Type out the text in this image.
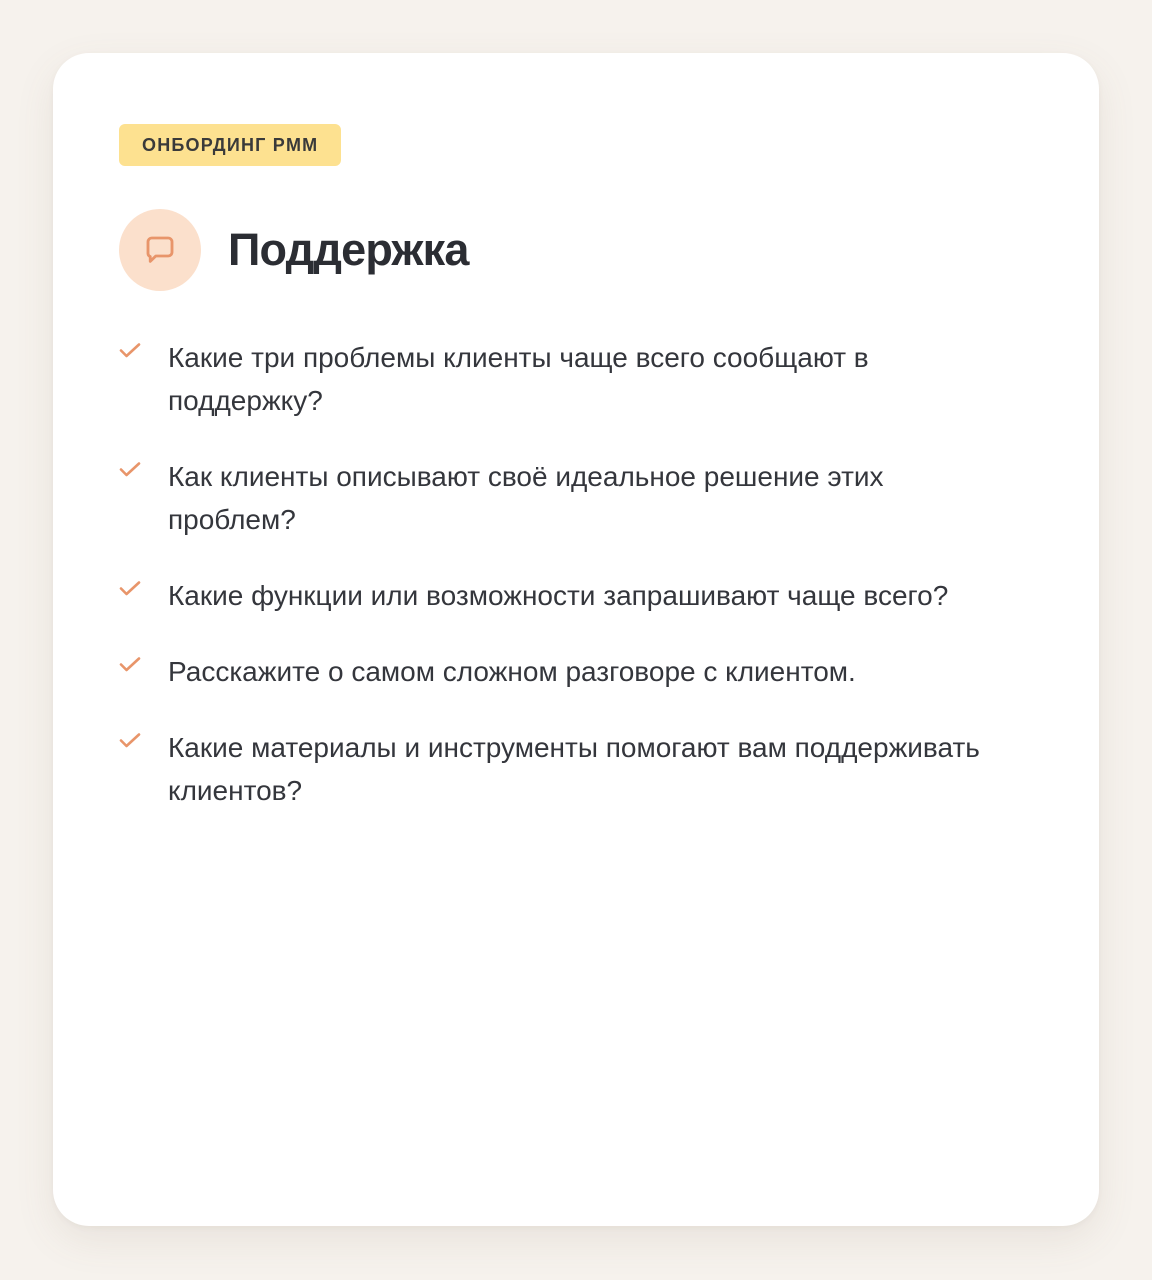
ОНБОРДИНГ PMM
Поддержка
Какие три проблемы клиенты чаще всего сообщают в поддержку?
Как клиенты описывают своё идеальное решение этих проблем?
Какие функции или возможности запрашивают чаще всего?
Расскажите о самом сложном разговоре с клиентом.
Какие материалы и инструменты помогают вам поддерживать клиентов?
